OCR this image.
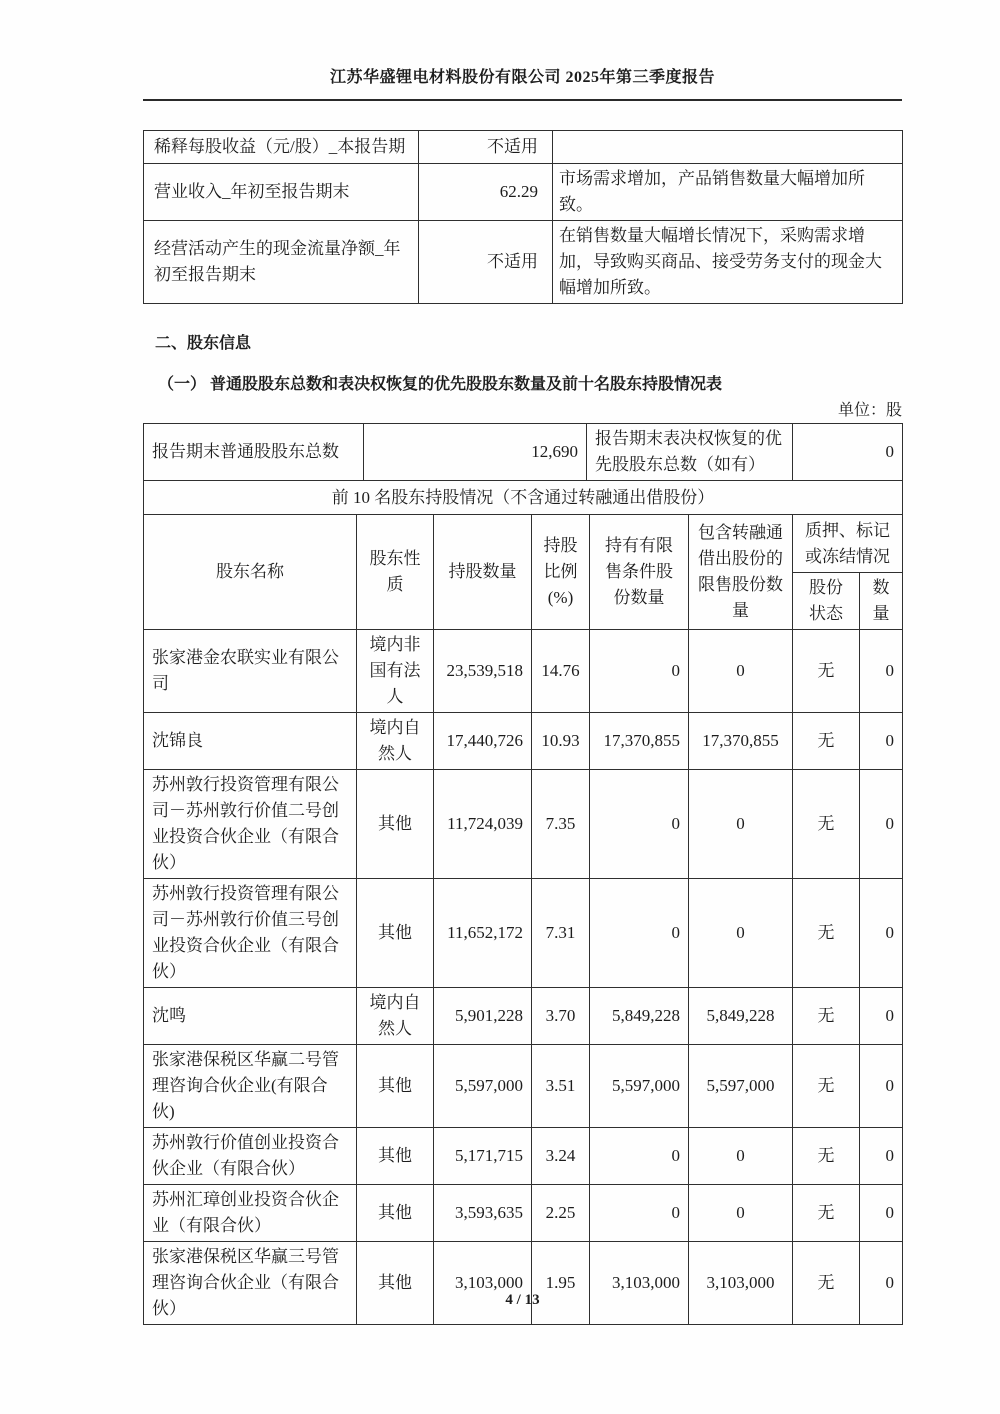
江苏华盛锂电材料股份有限公司 2025年第三季度报告
稀释每股收益（元/股）_本报告期	不适用	
营业收入_年初至报告期末	62.29	市场需求增加，产品销售数量大幅增加所致。
经营活动产生的现金流量净额_年初至报告期末	不适用	在销售数量大幅增长情况下，采购需求增加，导致购买商品、接受劳务支付的现金大幅增加所致。
二、股东信息
（一） 普通股股东总数和表决权恢复的优先股股东数量及前十名股东持股情况表
单位：股
报告期末普通股股东总数	12,690	报告期末表决权恢复的优先股股东总数（如有）	0
前 10 名股东持股情况（不含通过转融通出借股份）
股东名称	股东性质	持股数量	持股比例(%)	持有有限售条件股份数量	包含转融通借出股份的限售股份数量	质押、标记或冻结情况	
						股份状态	数量
张家港金农联实业有限公司	境内非国有法人	23,539,518	14.76	0	0	无	0
沈锦良	境内自然人	17,440,726	10.93	17,370,855	17,370,855	无	0
苏州敦行投资管理有限公司－苏州敦行价值二号创业投资合伙企业（有限合伙）	其他	11,724,039	7.35	0	0	无	0
苏州敦行投资管理有限公司－苏州敦行价值三号创业投资合伙企业（有限合伙）	其他	11,652,172	7.31	0	0	无	0
沈鸣	境内自然人	5,901,228	3.70	5,849,228	5,849,228	无	0
张家港保税区华赢二号管理咨询合伙企业(有限合伙)	其他	5,597,000	3.51	5,597,000	5,597,000	无	0
苏州敦行价值创业投资合伙企业（有限合伙）	其他	5,171,715	3.24	0	0	无	0
苏州汇璋创业投资合伙企业（有限合伙）	其他	3,593,635	2.25	0	0	无	0
张家港保税区华赢三号管理咨询合伙企业（有限合伙）	其他	3,103,000	1.95	3,103,000	3,103,000	无	0
4 / 13
